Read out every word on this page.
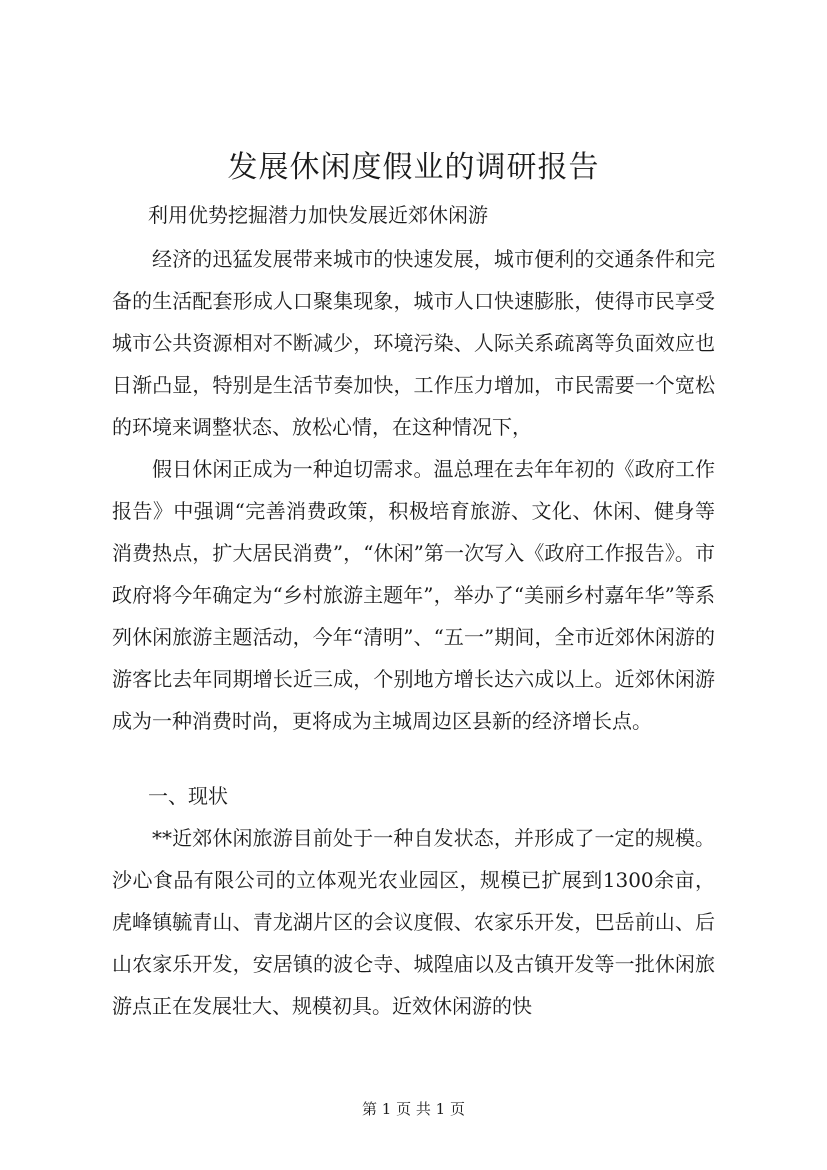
发展休闲度假业的调研报告

利用优势挖掘潜力加快发展近郊休闲游

经济的迅猛发展带来城市的快速发展，城市便利的交通条件和完备的生活配套形成人口聚集现象，城市人口快速膨胀，使得市民享受城市公共资源相对不断减少，环境污染、人际关系疏离等负面效应也日渐凸显，特别是生活节奏加快，工作压力增加，市民需要一个宽松的环境来调整状态、放松心情，在这种情况下，

假日休闲正成为一种迫切需求。温总理在去年年初的《政府工作报告》中强调“完善消费政策，积极培育旅游、文化、休闲、健身等消费热点，扩大居民消费”，“休闲”第一次写入《政府工作报告》。市政府将今年确定为“乡村旅游主题年”，举办了“美丽乡村嘉年华”等系列休闲旅游主题活动，今年“清明”、“五一”期间，全市近郊休闲游的游客比去年同期增长近三成，个别地方增长达六成以上。近郊休闲游成为一种消费时尚，更将成为主城周边区县新的经济增长点。

一、现状

**近郊休闲旅游目前处于一种自发状态，并形成了一定的规模。沙心食品有限公司的立体观光农业园区，规模已扩展到1300余亩，虎峰镇毓青山、青龙湖片区的会议度假、农家乐开发，巴岳前山、后山农家乐开发，安居镇的波仑寺、城隍庙以及古镇开发等一批休闲旅游点正在发展壮大、规模初具。近效休闲游的快

第 1 页 共 1 页
